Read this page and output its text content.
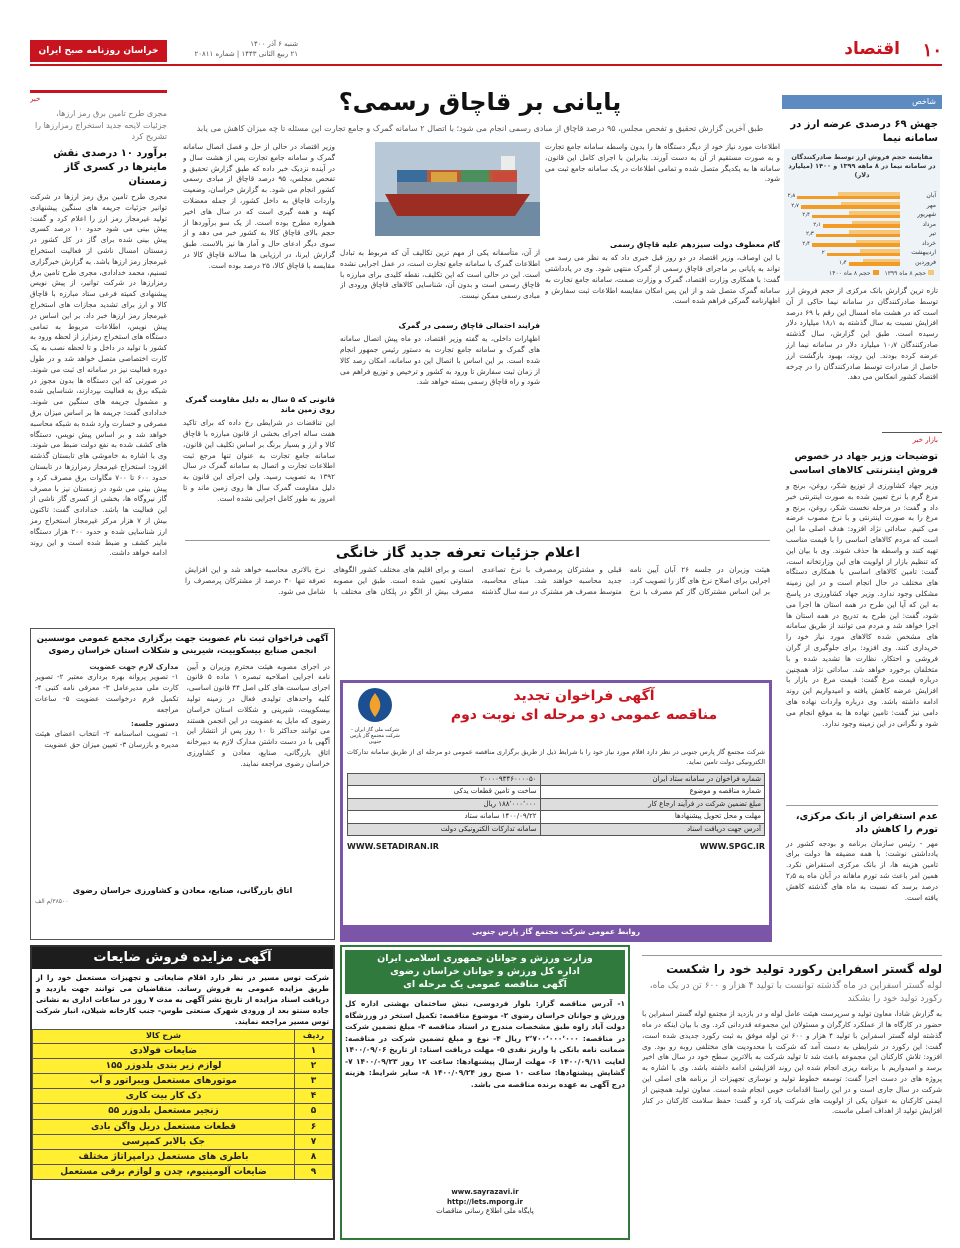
۱۰
اقتصاد
خراسان روزنامه صبح ایران
شنبه ۶ آذر ۱۴۰۰
۲۱ ربیع الثانی ۱۴۴۳ | شماره ۲۰۸۱۱
شاخص
جهش ۶۹ درصدی عرضه ارز در سامانه نیما
مقایسه حجم فروش ارز توسط صادرکنندگان در سامانه نیما در ۸ ماهه ۱۳۹۹ و ۱۴۰۰ (میلیارد دلار)
آبان
۲٫۸
مهر
۲٫۷
شهریور
۲٫۴
مرداد
۲٫۱
تیر
۲٫۳
خرداد
۲٫۴
اردیبهشت
۲
فروردین
۱٫۴
حجم ۸ ماه ۱۳۹۹  حجم ۸ ماه ۱۴۰۰
تازه ترین گزارش بانک مرکزی از حجم فروش ارز توسط صادرکنندگان در سامانه نیما حاکی از آن است که در هشت ماه امسال این رقم با ۶۹ درصد افزایش نسبت به سال گذشته به ۱۸٫۱ میلیارد دلار رسیده است. طبق این گزارش، سال گذشته صادرکنندگان ۱۰٫۷ میلیارد دلار در سامانه نیما ارز عرضه کرده بودند. این روند، بهبود بازگشت ارز حاصل از صادرات توسط صادرکنندگان را در چرخه اقتصاد کشور انعکاس می دهد.
بازار خبر
توضیحات وزیر جهاد در خصوص فروش اینترنتی کالاهای اساسی
وزیر جهاد کشاورزی از توزیع شکر، روغن، برنج و مرغ گرم با نرخ تعیین شده به صورت اینترنتی خبر داد و گفت: در مرحله نخست شکر، روغن، برنج و مرغ را به صورت اینترنتی و با نرخ مصوب عرضه می کنیم. ساداتی نژاد افزود: هدف اصلی ما این است که مردم کالاهای اساسی را با قیمت مناسب تهیه کنند و واسطه ها حذف شوند. وی با بیان این که تنظیم بازار از اولویت های این وزارتخانه است، گفت: تامین کالاهای اساسی با همکاری دستگاه های مختلف در حال انجام است و در این زمینه مشکلی وجود ندارد. وزیر جهاد کشاورزی در پاسخ به این که آیا این طرح در همه استان ها اجرا می شود، گفت: این طرح به تدریج در همه استان ها اجرا خواهد شد و مردم می توانند از طریق سامانه های مشخص شده کالاهای مورد نیاز خود را خریداری کنند. وی افزود: برای جلوگیری از گران فروشی و احتکار، نظارت ها تشدید شده و با متخلفان برخورد خواهد شد. ساداتی نژاد همچنین درباره قیمت مرغ گفت: قیمت مرغ در بازار با افزایش عرضه کاهش یافته و امیدواریم این روند ادامه داشته باشد. وی درباره واردات نهاده های دامی نیز گفت: تامین نهاده ها به موقع انجام می شود و نگرانی در این زمینه وجود ندارد.
عدم استقراض از بانک مرکزی، تورم را کاهش داد
مهر - رئیس سازمان برنامه و بودجه کشور در یادداشتی نوشت: با همه مضیقه ها دولت برای تامین هزینه ها، از بانک مرکزی استقراض نکرد. همین امر باعث شد تورم ماهانه در آبان ماه به ۲٫۵ درصد برسد که نسبت به ماه های گذشته کاهش یافته است.
پایانی بر قاچاق رسمی؟
طبق آخرین گزارش تحقیق و تفحص مجلس، ۹۵ درصد قاچاق از مبادی رسمی انجام می شود؛ با اتصال ۲ سامانه گمرک و جامع تجارت این مسئله تا چه میزان کاهش می یابد
وزیر اقتصاد در حالی از حل و فصل اتصال سامانه گمرک و سامانه جامع تجارت پس از هشت سال و در آینده نزدیک خبر داده که طبق گزارش تحقیق و تفحص مجلس، ۹۵ درصد قاچاق از مبادی رسمی کشور انجام می شود. به گزارش خراسان، وضعیت واردات قاچاق به داخل کشور، از جمله معضلات کهنه و همه گیری است که در سال های اخیر همواره مطرح بوده است. از یک سو برآوردها از حجم بالای قاچاق کالا به کشور خبر می دهد و از سوی دیگر ادعای حال و آمار ها نیز بالاست. طبق گزارش ایرنا، در ارزیابی ها سالانه قاچاق کالا در مقایسه با قاچاق کالا، ۲۵ درصد بوده است.
قانونی که ۵ سال به دلیل مقاومت گمرک روی زمین ماند
این تناقضات در شرایطی رخ داده که برای تاکید هفت ساله اجرای بخشی از قانون مبارزه با قاچاق کالا و ارز و بسیار برنگ بر اساس تکلیف این قانون، سامانه جامع تجارت به عنوان تنها مرجع ثبت اطلاعات تجارت و اتصال به سامانه گمرک در سال ۱۳۹۲ به تصویب رسید. ولی اجرای این قانون به دلیل مقاومت گمرک سال ها روی زمین ماند و تا امروز به طور کامل اجرایی نشده است.
از آن، متأسفانه یکی از مهم ترین تکالیف آن که مربوط به تبادل اطلاعات گمرک با سامانه جامع تجارت است، در عمل اجرایی نشده است. این در حالی است که این تکلیف، نقطه کلیدی برای مبارزه با قاچاق رسمی است و بدون آن، شناسایی کالاهای قاچاق ورودی از مبادی رسمی ممکن نیست.
فرایند احتمالی قاچاق رسمی در گمرک
اظهارات داخلی، به گفته وزیر اقتصاد، دو ماه پیش اتصال سامانه های گمرک و سامانه جامع تجارت به دستور رئیس جمهور انجام شده است. بر این اساس با اتصال این دو سامانه، امکان رصد کالا از زمان ثبت سفارش تا ورود به کشور و ترخیص و توزیع فراهم می شود و راه قاچاق رسمی بسته خواهد شد.
اطلاعات مورد نیاز خود از دیگر دستگاه ها را بدون واسطه سامانه جامع تجارت و به صورت مستقیم از آن به دست آورند. بنابراین با اجرای کامل این قانون، سامانه ها به یکدیگر متصل شده و تمامی اطلاعات در یک سامانه جامع ثبت می شود.
گام معطوف دولت سیزدهم علیه قاچاق رسمی
با این اوصاف، وزیر اقتصاد در دو روز قبل خبری داد که به نظر می رسد می تواند به پایانی بر ماجرای قاچاق رسمی از گمرک منتهی شود. وی در یادداشتی گفت: با همکاری وزارت اقتصاد، گمرک و وزارت صمت، سامانه جامع تجارت به سامانه گمرک متصل شد و از این پس امکان مقایسه اطلاعات ثبت سفارش و اظهارنامه گمرکی فراهم شده است.
اعلام جزئیات تعرفه جدید گاز خانگی
هیئت وزیران در جلسه ۲۶ آبان آیین نامه اجرایی برای اصلاح نرخ های گاز را تصویب کرد. بر این اساس مشترکان گاز کم مصرف با نرخ قبلی و مشترکان پرمصرف با نرخ تصاعدی جدید محاسبه خواهند شد. مبنای محاسبه، متوسط مصرف هر مشترک در سه سال گذشته است و برای اقلیم های مختلف کشور الگوهای متفاوتی تعیین شده است. طبق این مصوبه مصرف بیش از الگو در پلکان های مختلف با نرخ بالاتری محاسبه خواهد شد و این افزایش تعرفه تنها ۳۰ درصد از مشترکان پرمصرف را شامل می شود.
خبر
مجری طرح تامین برق رمز ارزها، جزئیات لایحه جدید استخراج رمزارزها را تشریح کرد
برآورد ۱۰ درصدی نقش ماینرها در کسری گاز زمستان
مجری طرح تامین برق رمز ارزها در شرکت توانیر جزئیات جریمه های سنگین پیشنهادی تولید غیرمجاز رمز ارز را اعلام کرد و گفت: پیش بینی می شود حدود ۱۰ درصد کسری پیش بینی شده برای گاز در کل کشور در زمستان امسال ناشی از فعالیت استخراج غیرمجاز رمز ارزها باشد. به گزارش خبرگزاری تسنیم، محمد خدادادی، مجری طرح تامین برق رمزارزها در شرکت توانیر، از پیش نویس پیشنهادی کمیته فرعی ستاد مبارزه با قاچاق کالا و ارز برای تشدید مجازات های استخراج غیرمجاز رمز ارزها خبر داد. بر این اساس در پیش نویس، اطلاعات مربوط به تمامی دستگاه های استخراج رمزارز از لحظه ورود به کشور با تولید در داخل و تا لحظه نصب به یک کارت اختصاصی متصل خواهد شد و در طول دوره فعالیت نیز در سامانه ای ثبت می شوند. در صورتی که این دستگاه ها بدون مجوز در شبکه برق به فعالیت بپردازند، شناسایی شده و مشمول جریمه های سنگین می شوند. خدادادی گفت: جریمه ها بر اساس میزان برق مصرفی و خسارت وارد شده به شبکه محاسبه خواهد شد و بر اساس پیش نویس، دستگاه های کشف شده به نفع دولت ضبط می شوند. وی با اشاره به خاموشی های تابستان گذشته افزود: استخراج غیرمجاز رمزارزها در تابستان حدود ۶۰۰ تا ۷۰۰ مگاوات برق مصرف کرد و پیش بینی می شود در زمستان نیز با مصرف گاز نیروگاه ها، بخشی از کسری گاز ناشی از این فعالیت ها باشد. خدادادی گفت: تاکنون بیش از ۷ هزار مرکز غیرمجاز استخراج رمز ارز شناسایی شده و حدود ۲۰۰ هزار دستگاه ماینر کشف و ضبط شده است و این روند ادامه خواهد داشت.
آگهی فراخوان ثبت نام عضویت جهت برگزاری مجمع عمومی موسسین انجمن صنایع بیسکوییت، شیرینی و شکلات استان خراسان رضوی
در اجرای مصوبه هیئت محترم وزیران و آیین نامه اجرایی اصلاحیه تبصره ۱ ماده ۵ قانون اجرای سیاست های کلی اصل ۴۴ قانون اساسی، کلیه واحدهای تولیدی فعال در زمینه تولید بیسکوییت، شیرینی و شکلات استان خراسان رضوی که مایل به عضویت در این انجمن هستند می توانند حداکثر تا ۱۰ روز پس از انتشار این آگهی با در دست داشتن مدارک لازم به دبیرخانه اتاق بازرگانی، صنایع، معادن و کشاورزی خراسان رضوی مراجعه نمایند.
مدارک لازم جهت عضویت
۱- تصویر پروانه بهره برداری معتبر ۲- تصویر کارت ملی مدیرعامل ۳- معرفی نامه کتبی ۴- تکمیل فرم درخواست عضویت ۵- ساعات مراجعه
دستور جلسه:
۱- تصویب اساسنامه ۲- انتخاب اعضای هیئت مدیره و بازرسان ۳- تعیین میزان حق عضویت
اتاق بازرگانی، صنایع، معادن و کشاورزی خراسان رضوی
۳۸۵۰۰/م الف
آگهی فراخوان تجدید
مناقصه عمومی دو مرحله ای نوبت دوم
شرکت ملی گاز ایران - شرکت مجتمع گاز پارس جنوبی
شرکت مجتمع گاز پارس جنوبی در نظر دارد اقلام مورد نیاز خود را با شرایط ذیل از طریق برگزاری مناقصه عمومی دو مرحله ای از طریق سامانه تدارکات الکترونیکی دولت تامین نماید.
شماره فراخوان در سامانه ستاد ایران	۲۰۰۰۰۹۳۴۶۰۰۰۰۵۰
شماره مناقصه و موضوع	ساخت و تامین قطعات یدکی
مبلغ تضمین شرکت در فرآیند ارجاع کار	۱۸۸٬۰۰۰٬۰۰۰ ریال
مهلت و محل تحویل پیشنهادها	۱۴۰۰/۰۹/۲۲ سامانه ستاد
آدرس جهت دریافت اسناد	سامانه تدارکات الکترونیکی دولت
WWW.SETADIRAN.IR	WWW.SPGC.IR
روابط عمومی شرکت مجتمع گاز پارس جنوبی
لوله گستر اسفراین رکورد تولید خود را شکست
لوله گستر اسفراین در ماه گذشته توانست با تولید ۴ هزار و ۶۰۰ تن در یک ماه، رکورد تولید خود را بشکند
به گزارش شادا، معاون تولید و سرپرست هیئت عامل لوله و در بازدید از مجتمع لوله گستر اسفراین با حضور در کارگاه ها از عملکرد کارگران و مسئولان این مجموعه قدردانی کرد. وی با بیان اینکه در ماه گذشته لوله گستر اسفراین با تولید ۴ هزار و ۶۰۰ تن لوله موفق به ثبت رکورد جدیدی شده است، گفت: این رکورد در شرایطی به دست آمد که شرکت با محدودیت های مختلفی روبه رو بود. وی افزود: تلاش کارکنان این مجموعه باعث شد تا تولید شرکت به بالاترین سطح خود در سال های اخیر برسد و امیدواریم با برنامه ریزی انجام شده این روند افزایشی ادامه داشته باشد. وی با اشاره به پروژه های در دست اجرا گفت: توسعه خطوط تولید و نوسازی تجهیزات از برنامه های اصلی این شرکت در سال جاری است و در این راستا اقدامات خوبی انجام شده است. معاون تولید همچنین از ایمنی کارکنان به عنوان یکی از اولویت های شرکت یاد کرد و گفت: حفظ سلامت کارکنان در کنار افزایش تولید از اهداف اصلی ماست.
وزارت ورزش و جوانان جمهوری اسلامی ایران
اداره کل ورزش و جوانان خراسان رضوی
آگهی مناقصه عمومی یک مرحله ای
۱- آدرس مناقصه گزار: بلوار فردوسی، نبش ساختمان بهشتی اداره کل ورزش و جوانان خراسان رضوی ۲- موضوع مناقصه: تکمیل استخر در ورزشگاه دولت آباد زاوه طبق مشخصات مندرج در اسناد مناقصه ۳- مبلغ تضمین شرکت در مناقصه: ۲٬۷۰۰٬۰۰۰٬۰۰۰ ریال ۴- نوع و مبلغ تضمین شرکت در مناقصه: ضمانت نامه بانکی یا واریز نقدی ۵- مهلت دریافت اسناد: از تاریخ ۱۴۰۰/۰۹/۰۶ لغایت ۱۴۰۰/۰۹/۱۱ ۶- مهلت ارسال پیشنهادها: ساعت ۱۲ روز ۱۴۰۰/۰۹/۲۳ ۷- گشایش پیشنهادها: ساعت ۱۰ صبح روز ۱۴۰۰/۰۹/۲۴ ۸- سایر شرایط: هزینه درج آگهی به عهده برنده مناقصه می باشد.
www.sayrazavi.ir
http://lets.mporg.ir
پایگاه ملی اطلاع رسانی مناقصات
آگهی مزایده فروش ضایعات
شرکت توس مسیر در نظر دارد اقلام ضایعاتی و تجهیزات مستعمل خود را از طریق مزایده عمومی به فروش رساند. متقاضیان می توانند جهت بازدید و دریافت اسناد مزایده از تاریخ نشر آگهی به مدت ۷ روز در ساعات اداری به نشانی جاده سنتو بعد از ورودی شهرک صنعتی طوس- جنب کارخانه شیلان، انبار شرکت توس مسیر مراجعه نمایند.
ردیف	شرح کالا
۱	ضایعات فولادی
۲	لوازم زیر بندی بلدوزر ۱۵۵
۳	موتورهای مستعمل ویبراتور و آب
۴	دک کار بیت کاری
۵	زنجیر مستعمل بلدوزر ۵۵
۶	قطعات مستعمل دریل واگن بادی
۷	جک بالابر کمپرسی
۸	باطری های مستعمل درامپراتاژ مختلف
۹	ضایعات آلومینیوم، چدن و لوازم برقی مستعمل
